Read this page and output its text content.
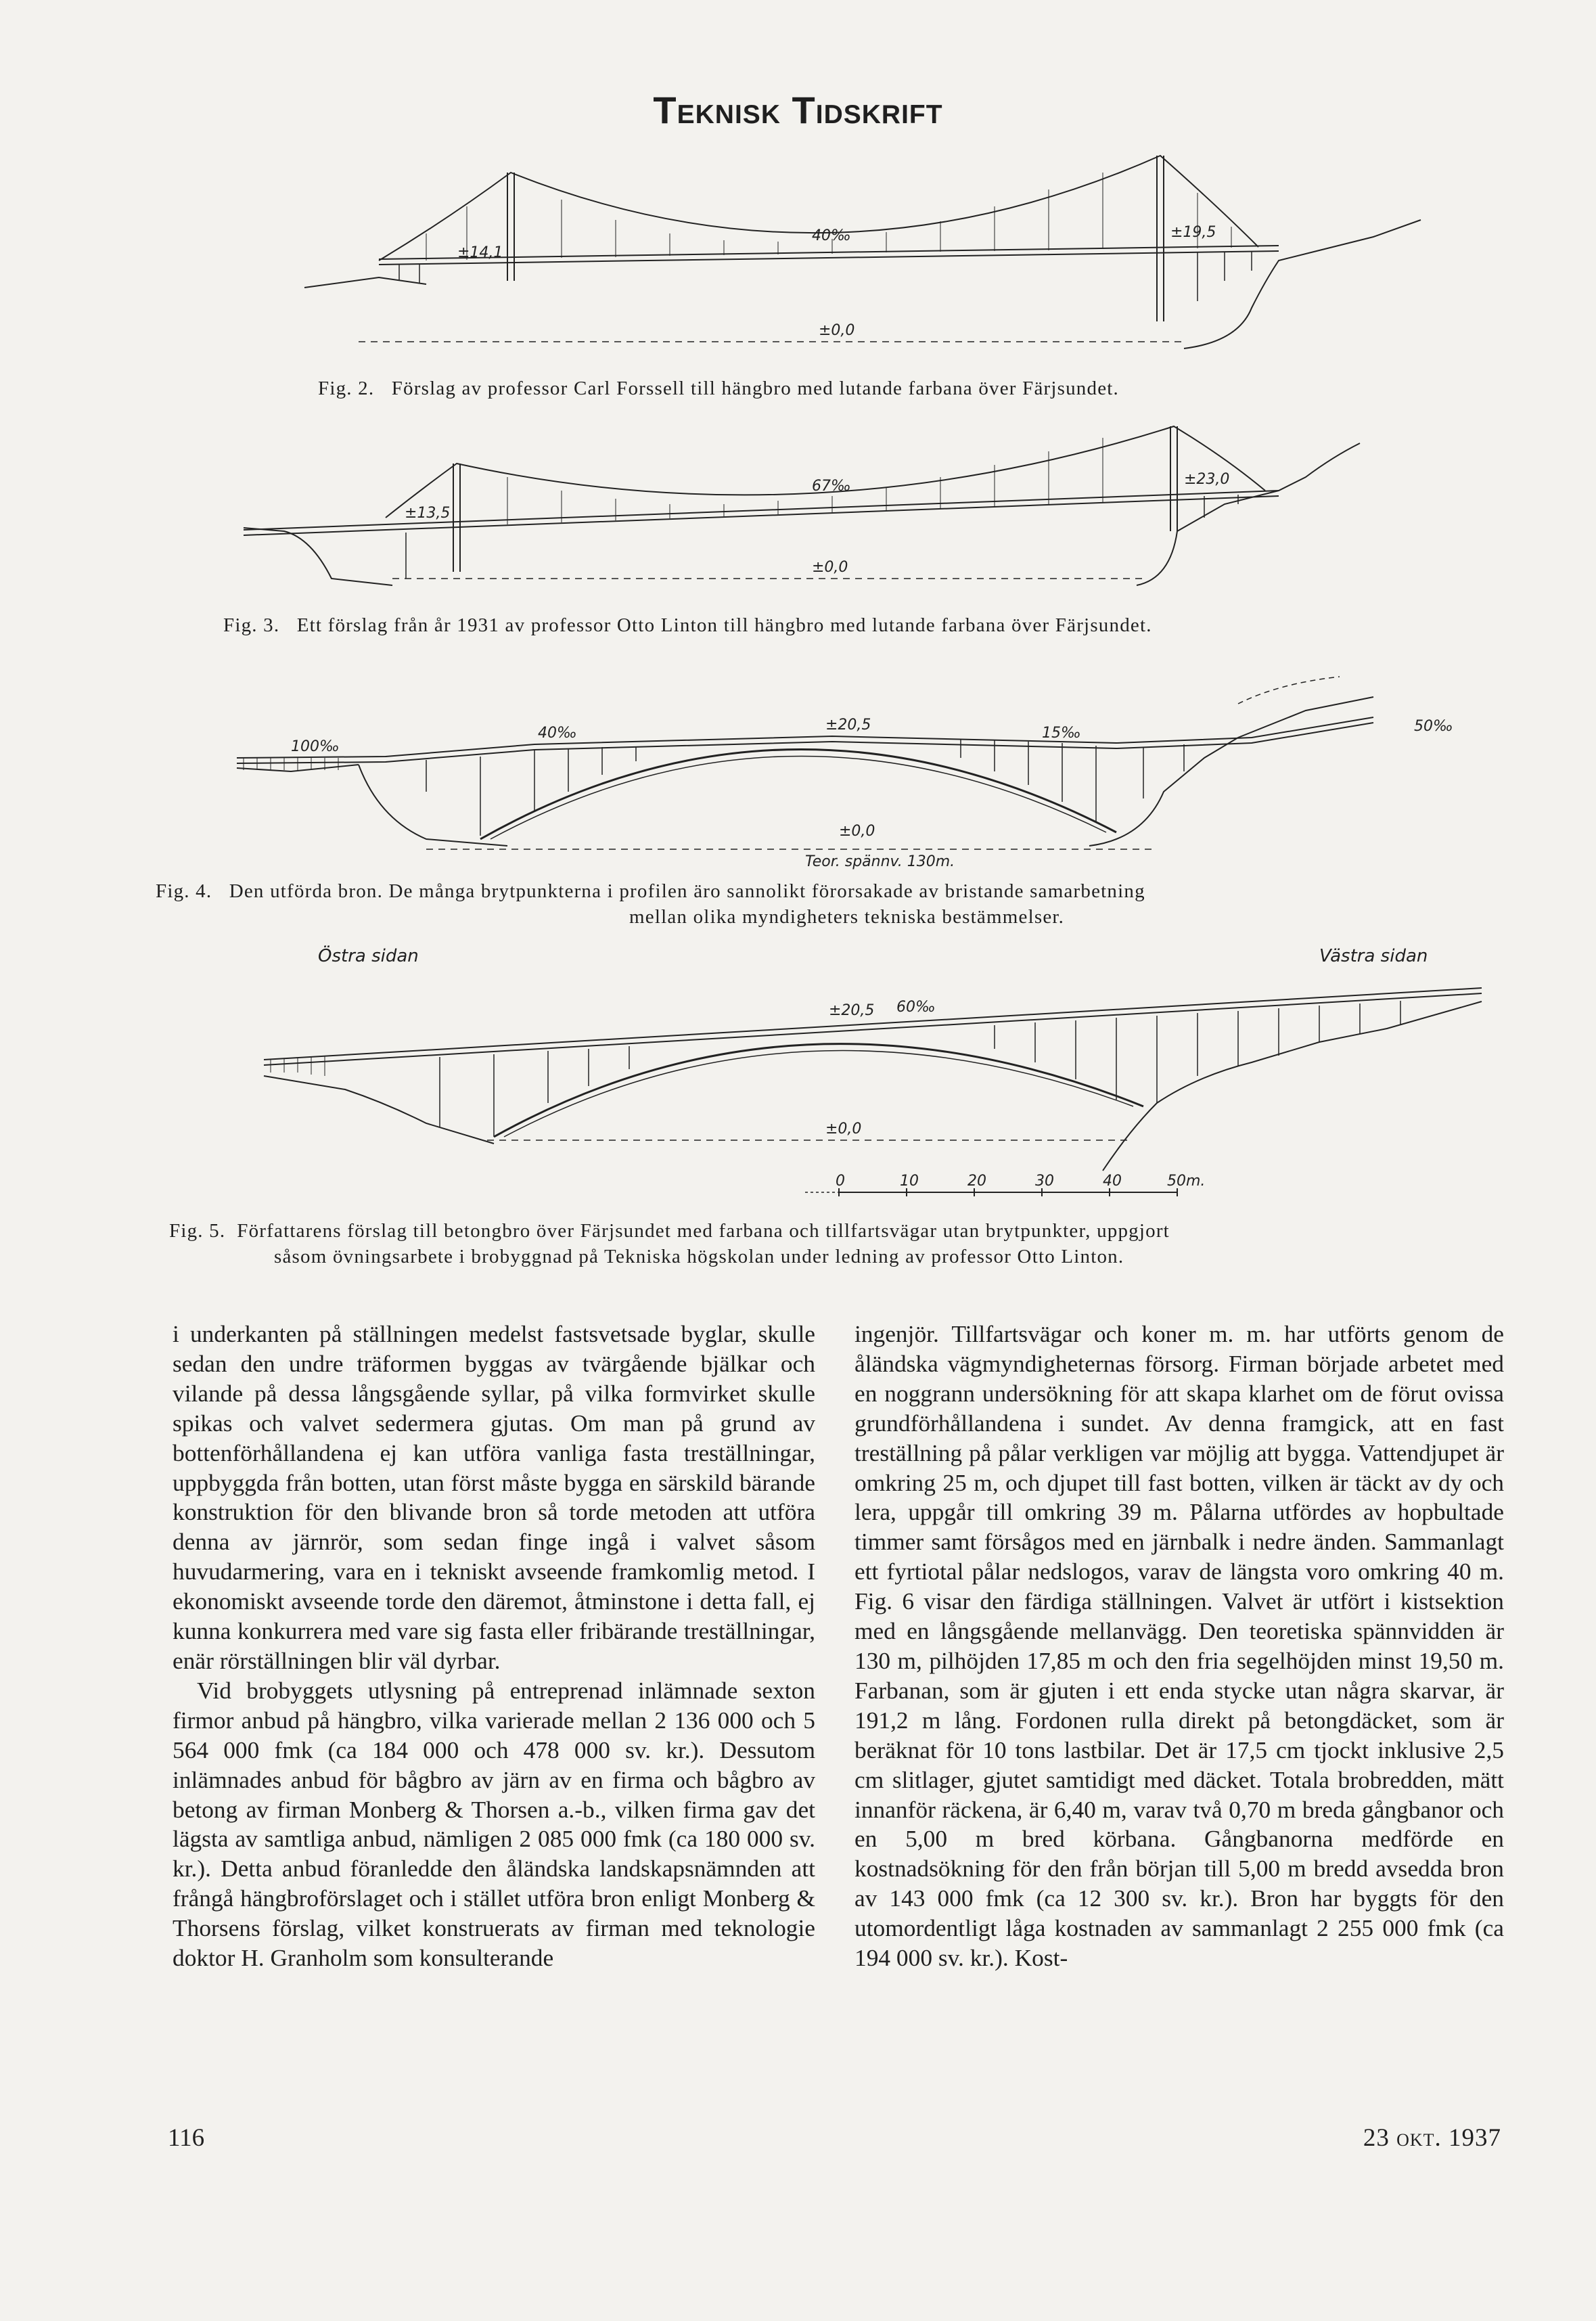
Teknisk Tidskrift
±14,1
40‰	±19,5
±0,0
Fig. 2. Förslag av professor Carl Forssell till hängbro med lutande farbana över Färjsundet.
±13,5
67‰	±23,0
±0,0
Fig. 3. Ett förslag från år 1931 av professor Otto Linton till hängbro med lutande farbana över Färjsundet.
100‰
40‰	±20,5	15‰	50‰
±0,0
Teor. spännv. 130m.
Fig. 4. Den utförda bron. De många brytpunkterna i profilen äro sannolikt förorsakade av bristande samarbetning
mellan olika myndigheters tekniska bestämmelser.
Östra sidan	Västra sidan
±20,5 60‰
±0,0
0	10	20	30	40	50m.
Fig. 5. Författarens förslag till betongbro över Färjsundet med farbana och tillfartsvägar utan brytpunkter, uppgjort
såsom övningsarbete i brobyggnad på Tekniska högskolan under ledning av professor Otto Linton.

i underkanten på ställningen medelst fastsvetsade byglar, skulle sedan den undre träformen byggas av tvärgående bjälkar och vilande på dessa långsgående syllar, på vilka formvirket skulle spikas och valvet sedermera gjutas. Om man på grund av bottenförhållandena ej kan utföra vanliga fasta treställningar, uppbyggda från botten, utan först måste bygga en särskild bärande konstruktion för den blivande bron så torde metoden att utföra denna av järnrör, som sedan finge ingå i valvet såsom huvudarmering, vara en i tekniskt avseende framkomlig metod. I ekonomiskt avseende torde den däremot, åtminstone i detta fall, ej kunna konkurrera med vare sig fasta eller fribärande treställningar, enär rörställningen blir väl dyrbar.

Vid brobyggets utlysning på entreprenad inlämnade sexton firmor anbud på hängbro, vilka varierade mellan 2 136 000 och 5 564 000 fmk (ca 184 000 och 478 000 sv. kr.). Dessutom inlämnades anbud för bågbro av järn av en firma och bågbro av betong av firman Monberg & Thorsen a.-b., vilken firma gav det lägsta av samtliga anbud, nämligen 2 085 000 fmk (ca 180 000 sv. kr.). Detta anbud föranledde den åländska landskapsnämnden att frångå hängbroförslaget och i stället utföra bron enligt Monberg & Thorsens förslag, vilket konstruerats av firman med teknologie doktor H. Granholm som konsulterande

ingenjör. Tillfartsvägar och koner m. m. har utförts genom de åländska vägmyndigheternas försorg. Firman började arbetet med en noggrann undersökning för att skapa klarhet om de förut ovissa grundförhållandena i sundet. Av denna framgick, att en fast treställning på pålar verkligen var möjlig att bygga. Vattendjupet är omkring 25 m, och djupet till fast botten, vilken är täckt av dy och lera, uppgår till omkring 39 m. Pålarna utfördes av hopbultade timmer samt försågos med en järnbalk i nedre änden. Sammanlagt ett fyrtiotal pålar nedslogos, varav de längsta voro omkring 40 m. Fig. 6 visar den färdiga ställningen. Valvet är utfört i kistsektion med en långsgående mellanvägg. Den teoretiska spännvidden är 130 m, pilhöjden 17,85 m och den fria segelhöjden minst 19,50 m. Farbanan, som är gjuten i ett enda stycke utan några skarvar, är 191,2 m lång. Fordonen rulla direkt på betongdäcket, som är beräknat för 10 tons lastbilar. Det är 17,5 cm tjockt inklusive 2,5 cm slitlager, gjutet samtidigt med däcket. Totala brobredden, mätt innanför räckena, är 6,40 m, varav två 0,70 m breda gångbanor och en 5,00 m bred körbana. Gångbanorna medförde en kostnadsökning för den från början till 5,00 m bredd avsedda bron av 143 000 fmk (ca 12 300 sv. kr.). Bron har byggts för den utomordentligt låga kostnaden av sammanlagt 2 255 000 fmk (ca 194 000 sv. kr.). Kost-

116	23 okt. 1937
